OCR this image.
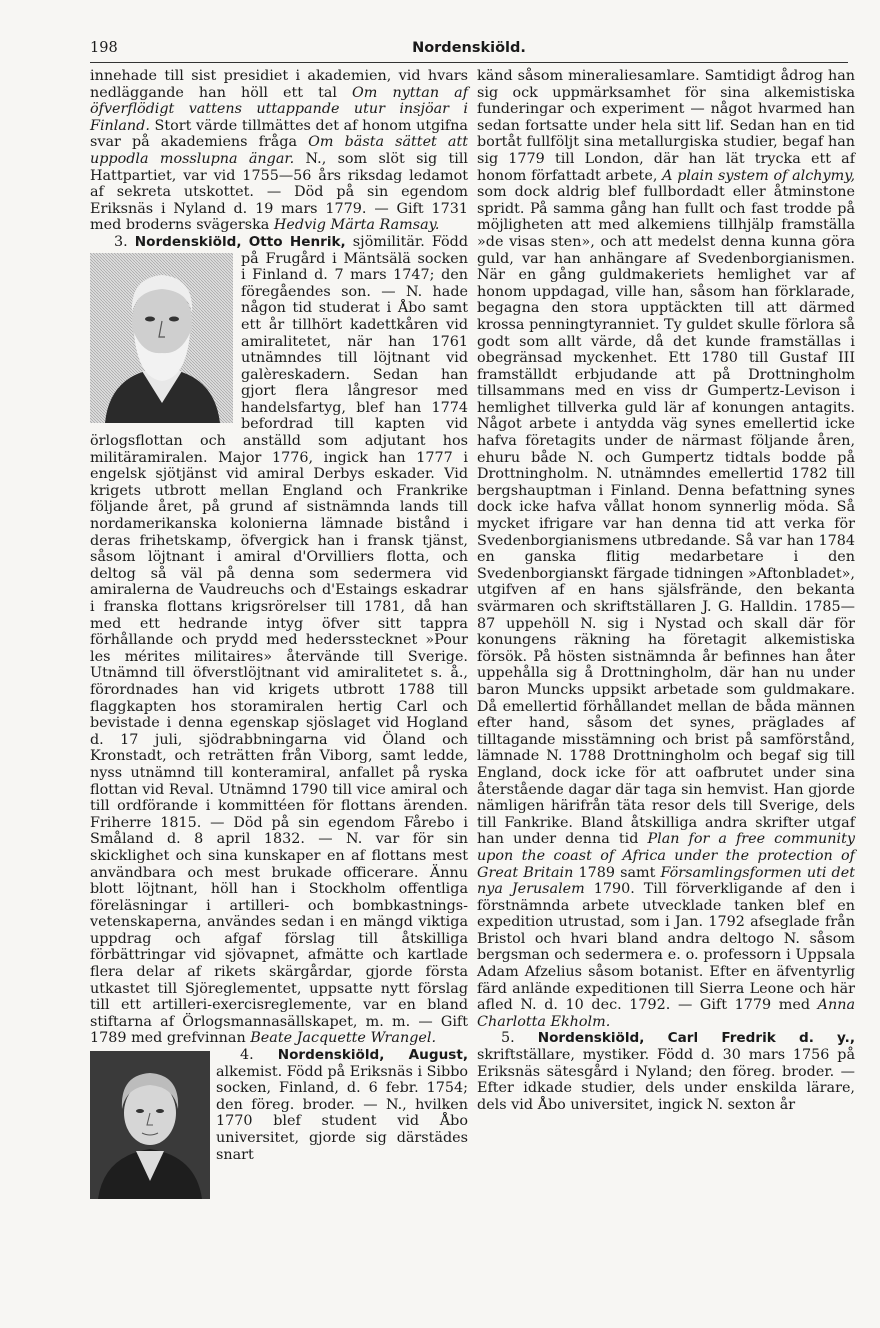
198	Nordenskiöld.

innehade till sist presidiet i akademien, vid hvars nedläggande han höll ett tal Om nyttan af öfverflödigt vattens uttappande utur insjöar i Finland. Stort värde tillmättes det af honom utgifna svar på akademiens fråga Om bästa sättet att uppodla mosslupna ängar. N., som slöt sig till Hattpartiet, var vid 1755—56 års riksdag ledamot af sekreta utskottet. — Död på sin egendom Eriksnäs i Nyland d. 19 mars 1779. — Gift 1731 med broderns svägerska Hedvig Märta Ramsay.

3. Nordenskiöld, Otto Henrik,
sjömilitär. Född på Frugård i Mäntsälä socken i Finland d. 7 mars 1747; den föregåendes son. — N. hade någon tid studerat i Åbo samt ett år tillhört kadettkåren vid amiralitetet, när han 1761 utnämndes till löjtnant vid galèreskadern. Sedan han gjort flera långresor med handelsfartyg, blef han 1774 befordrad till kapten vid örlogsflottan och anställd som adjutant hos militäramiralen. Major 1776, ingick han 1777 i engelsk sjötjänst vid amiral Derbys eskader. Vid krigets utbrott mellan England och Frankrike följande året, på grund af sistnämnda lands till nordamerikanska kolonierna lämnade bistånd i deras frihetskamp, öfvergick han i fransk tjänst, såsom löjtnant i amiral d'Orvilliers flotta, och deltog så väl på denna som sedermera vid amiralerna de Vaudreuchs och d'Estaings eskadrar i franska flottans krigsrörelser till 1781, då han med ett hedrande intyg öfver sitt tappra förhållande och prydd med hedersstecknet »Pour les mérites militaires» återvände till Sverige. Utnämnd till öfverstlöjtnant vid amiralitetet s. å., förordnades han vid krigets utbrott 1788 till flaggkapten hos storamiralen hertig Carl och bevistade i denna egenskap sjöslaget vid Hogland d. 17 juli, sjödrabbningarna vid Öland och Kronstadt, och reträtten från Viborg, samt ledde, nyss utnämnd till konteramiral, anfallet på ryska flottan vid Reval. Utnämnd 1790 till vice amiral och till ordförande i kommittéen för flottans ärenden. Friherre 1815. — Död på sin egendom Fårebo i Småland d. 8 april 1832. — N. var för sin skicklighet och sina kunskaper en af flottans mest användbara och mest brukade officerare. Ännu blott löjtnant, höll han i Stockholm offentliga föreläsningar i artilleri- och bombkastnings-vetenskaperna, användes sedan i en mängd viktiga uppdrag och afgaf förslag till åtskilliga förbättringar vid sjövapnet, afmätte och kartlade flera delar af rikets skärgårdar, gjorde första utkastet till Sjöreglementet, uppsatte nytt förslag till ett artilleri-exercisreglemente, var en bland stiftarna af Örlogsmannasällskapet, m. m. — Gift 1789 med grefvinnan Beate Jacquette Wrangel.

4. Nordenskiöld, August, alkemist. Född på Eriksnäs i Sibbo socken, Finland, d. 6 febr. 1754; den föreg. broder. — N., hvilken 1770 blef student vid Åbo universitet, gjorde sig därstädes snart

känd såsom mineraliesamlare. Samtidigt ådrog han sig ock uppmärksamhet för sina alkemistiska funderingar och experiment — något hvarmed han sedan fortsatte under hela sitt lif. Sedan han en tid bortåt fullföljt sina metallurgiska studier, begaf han sig 1779 till London, där han lät trycka ett af honom författadt arbete, A plain system of alchymy, som dock aldrig blef fullbordadt eller åtminstone spridt. På samma gång han fullt och fast trodde på möjligheten att med alkemiens tillhjälp framställa »de visas sten», och att medelst denna kunna göra guld, var han anhängare af Svedenborgianismen. När en gång guldmakeriets hemlighet var af honom uppdagad, ville han, såsom han förklarade, begagna den stora upptäckten till att därmed krossa penningtyranniet. Ty guldet skulle förlora så godt som allt värde, då det kunde framställas i obegränsad myckenhet. Ett 1780 till Gustaf III framställdt erbjudande att på Drottningholm tillsammans med en viss dr Gumpertz-Levison i hemlighet tillverka guld lär af konungen antagits. Något arbete i antydda väg synes emellertid icke hafva företagits under de närmast följande åren, ehuru både N. och Gumpertz tidtals bodde på Drottningholm. N. utnämndes emellertid 1782 till bergshauptman i Finland. Denna befattning synes dock icke hafva vållat honom synnerlig möda. Så mycket ifrigare var han denna tid att verka för Svedenborgianismens utbredande. Så var han 1784 en ganska flitig medarbetare i den Svedenborgianskt färgade tidningen »Aftonbladet», utgifven af en hans själsfrände, den bekanta svärmaren och skriftställaren J. G. Halldin. 1785—87 uppehöll N. sig i Nystad och skall där för konungens räkning ha företagit alkemistiska försök. På hösten sistnämnda år befinnes han åter uppehålla sig å Drottningholm, där han nu under baron Muncks uppsikt arbetade som guldmakare. Då emellertid förhållandet mellan de båda männen efter hand, såsom det synes, präglades af tilltagande misstämning och brist på samförstånd, lämnade N. 1788 Drottningholm och begaf sig till England, dock icke för att oafbrutet under sina återstående dagar där taga sin hemvist. Han gjorde nämligen härifrån täta resor dels till Sverige, dels till Fankrike. Bland åtskilliga andra skrifter utgaf han under denna tid Plan for a free community upon the coast of Africa under the protection of Great Britain 1789 samt Församlingsformen uti det nya Jerusalem 1790. Till förverkligande af den i förstnämnda arbete utvecklade tanken blef en expedition utrustad, som i Jan. 1792 afseglade från Bristol och hvari bland andra deltogo N. såsom bergsman och sedermera e. o. professorn i Uppsala Adam Afzelius såsom botanist. Efter en äfventyrlig färd anlände expeditionen till Sierra Leone och här afled N. d. 10 dec. 1792. — Gift 1779 med Anna Charlotta Ekholm.

5. Nordenskiöld, Carl Fredrik d. y., skriftställare, mystiker. Född d. 30 mars 1756 på Eriksnäs sätesgård i Nyland; den föreg. broder. — Efter idkade studier, dels under enskilda lärare, dels vid Åbo universitet, ingick N. sexton år
